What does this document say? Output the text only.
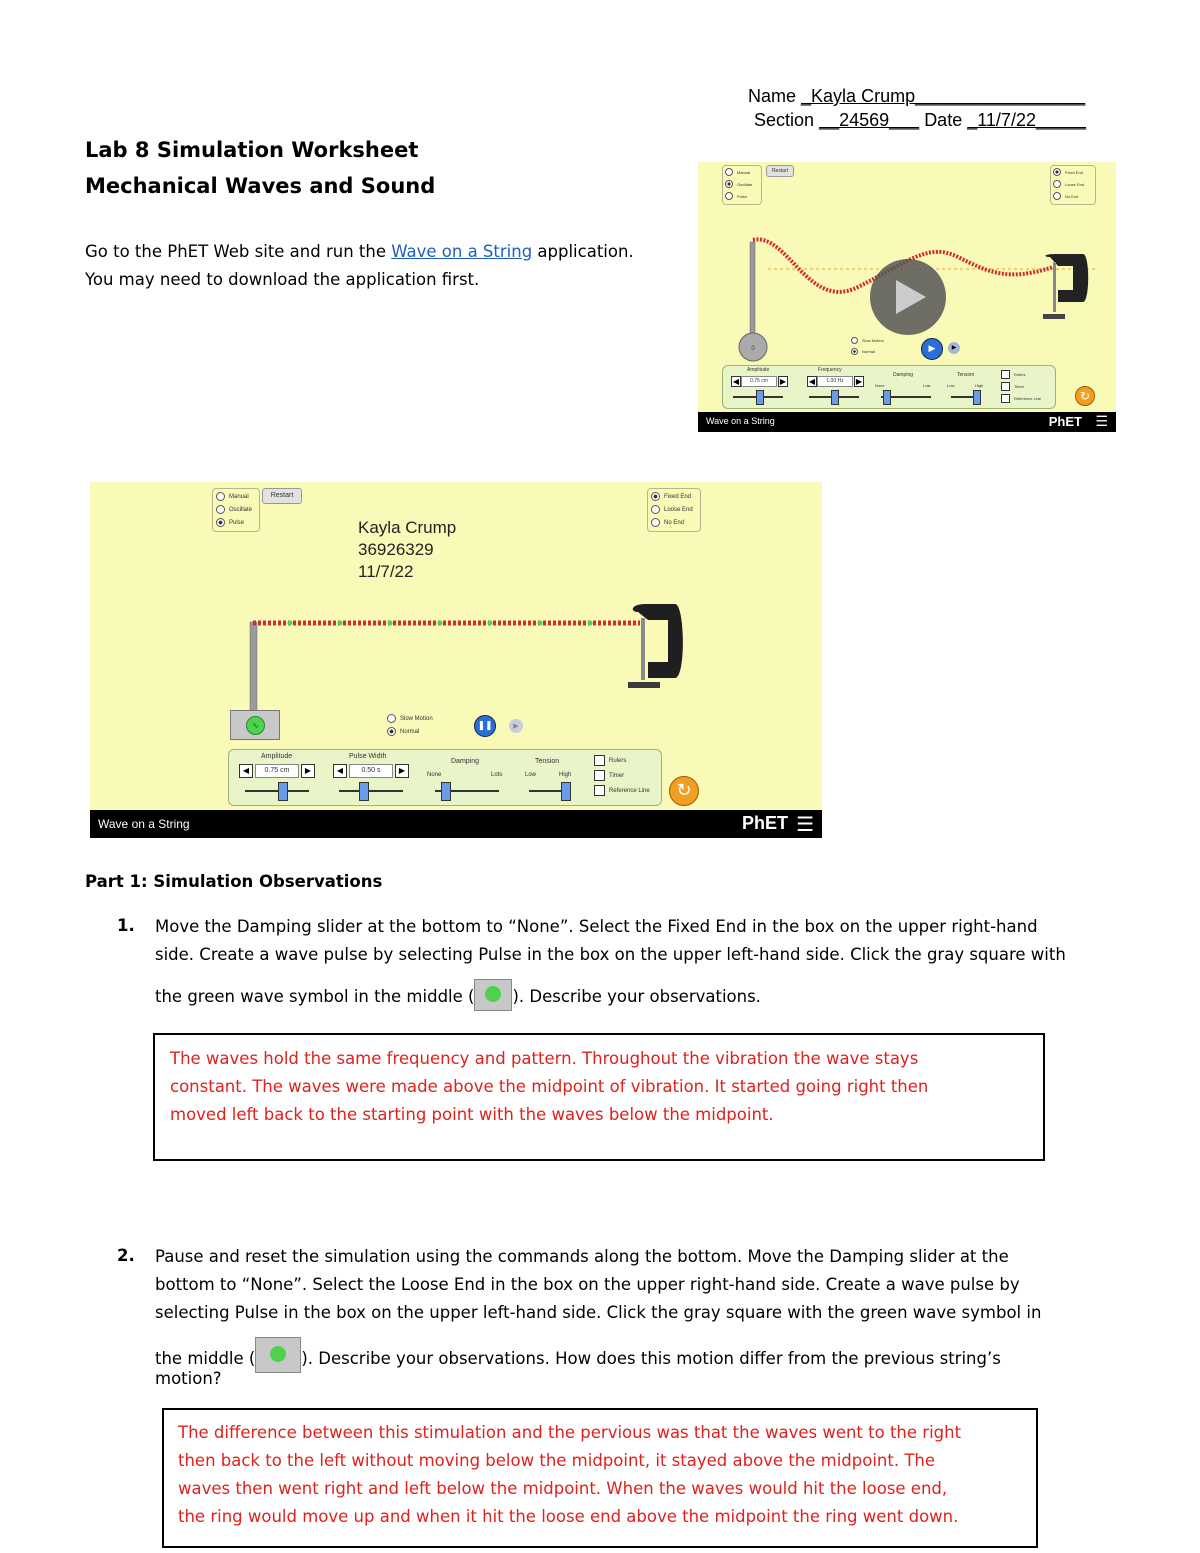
Name _Kayla Crump_________________
Section __24569___ Date _11/7/22_____
Lab 8 Simulation Worksheet
Mechanical Waves and Sound
Go to the PhET Web site and run the Wave on a String application.
You may need to download the application first.
Manual
Oscillate
Pulse
Restart	Fixed End
Loose End
No End
0
Slow Motion
Normal	▶	▶
Amplitude
◀	0.75 cm	▶
Frequency
◀	1.00 Hz	▶
Damping
None	Lots
Tension
Low	High
Rulers
Timer
Reference Line	↻
Wave on a String	PhET ☰
Manual
Oscillate
Pulse
Restart	Fixed End
Loose End
No End
Kayla Crump
36926329
11/7/22
∿
Slow Motion
Normal
❚❚	▶
Amplitude
◀	0.75 cm	▶
Pulse Width
◀	0.50 s	▶
Damping
None	Lots
Tension
Low	High
Rulers
Timer
Reference Line	↻
Wave on a String	PhET ☰
Part 1: Simulation Observations
1. Move the Damping slider at the bottom to “None”. Select the Fixed End in the box on the upper right-hand
side. Create a wave pulse by selecting Pulse in the box on the upper left-hand side. Click the gray square with
the green wave symbol in the middle ( ). Describe your observations.
The waves hold the same frequency and pattern. Throughout the vibration the wave stays
constant. The waves were made above the midpoint of vibration. It started going right then
moved left back to the starting point with the waves below the midpoint.
2. Pause and reset the simulation using the commands along the bottom. Move the Damping slider at the
bottom to “None”. Select the Loose End in the box on the upper right-hand side. Create a wave pulse by
selecting Pulse in the box on the upper left-hand side. Click the gray square with the green wave symbol in
the middle (	). Describe your observations. How does this motion differ from the previous string’s
motion?
The difference between this stimulation and the pervious was that the waves went to the right
then back to the left without moving below the midpoint, it stayed above the midpoint. The
waves then went right and left below the midpoint. When the waves would hit the loose end,
the ring would move up and when it hit the loose end above the midpoint the ring went down.
